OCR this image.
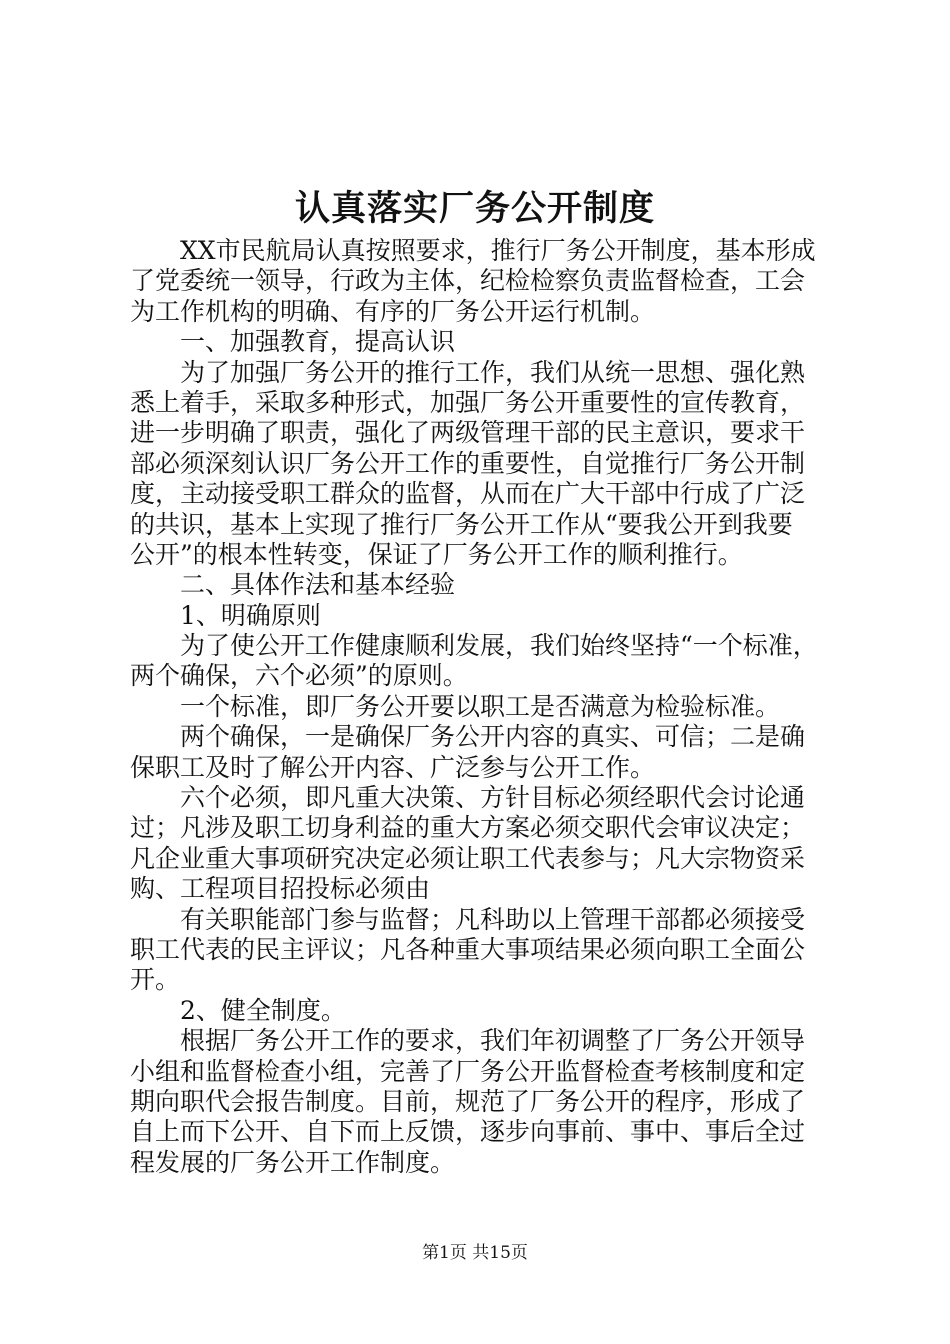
认真落实厂务公开制度
XX市民航局认真按照要求，推行厂务公开制度，基本形成
了党委统一领导，行政为主体，纪检检察负责监督检查，工会
为工作机构的明确、有序的厂务公开运行机制。
一、加强教育，提高认识
为了加强厂务公开的推行工作，我们从统一思想、强化熟
悉上着手，采取多种形式，加强厂务公开重要性的宣传教育，
进一步明确了职责，强化了两级管理干部的民主意识，要求干
部必须深刻认识厂务公开工作的重要性，自觉推行厂务公开制
度，主动接受职工群众的监督，从而在广大干部中行成了广泛
的共识，基本上实现了推行厂务公开工作从“要我公开到我要
公开”的根本性转变，保证了厂务公开工作的顺利推行。
二、具体作法和基本经验
1、明确原则
为了使公开工作健康顺利发展，我们始终坚持“一个标准，
两个确保，六个必须”的原则。
一个标准，即厂务公开要以职工是否满意为检验标准。
两个确保，一是确保厂务公开内容的真实、可信；二是确
保职工及时了解公开内容、广泛参与公开工作。
六个必须，即凡重大决策、方针目标必须经职代会讨论通
过；凡涉及职工切身利益的重大方案必须交职代会审议决定；
凡企业重大事项研究决定必须让职工代表参与；凡大宗物资采
购、工程项目招投标必须由
有关职能部门参与监督；凡科助以上管理干部都必须接受
职工代表的民主评议；凡各种重大事项结果必须向职工全面公
开。
2、健全制度。
根据厂务公开工作的要求，我们年初调整了厂务公开领导
小组和监督检查小组，完善了厂务公开监督检查考核制度和定
期向职代会报告制度。目前，规范了厂务公开的程序，形成了
自上而下公开、自下而上反馈，逐步向事前、事中、事后全过
程发展的厂务公开工作制度。
第1页 共15页
